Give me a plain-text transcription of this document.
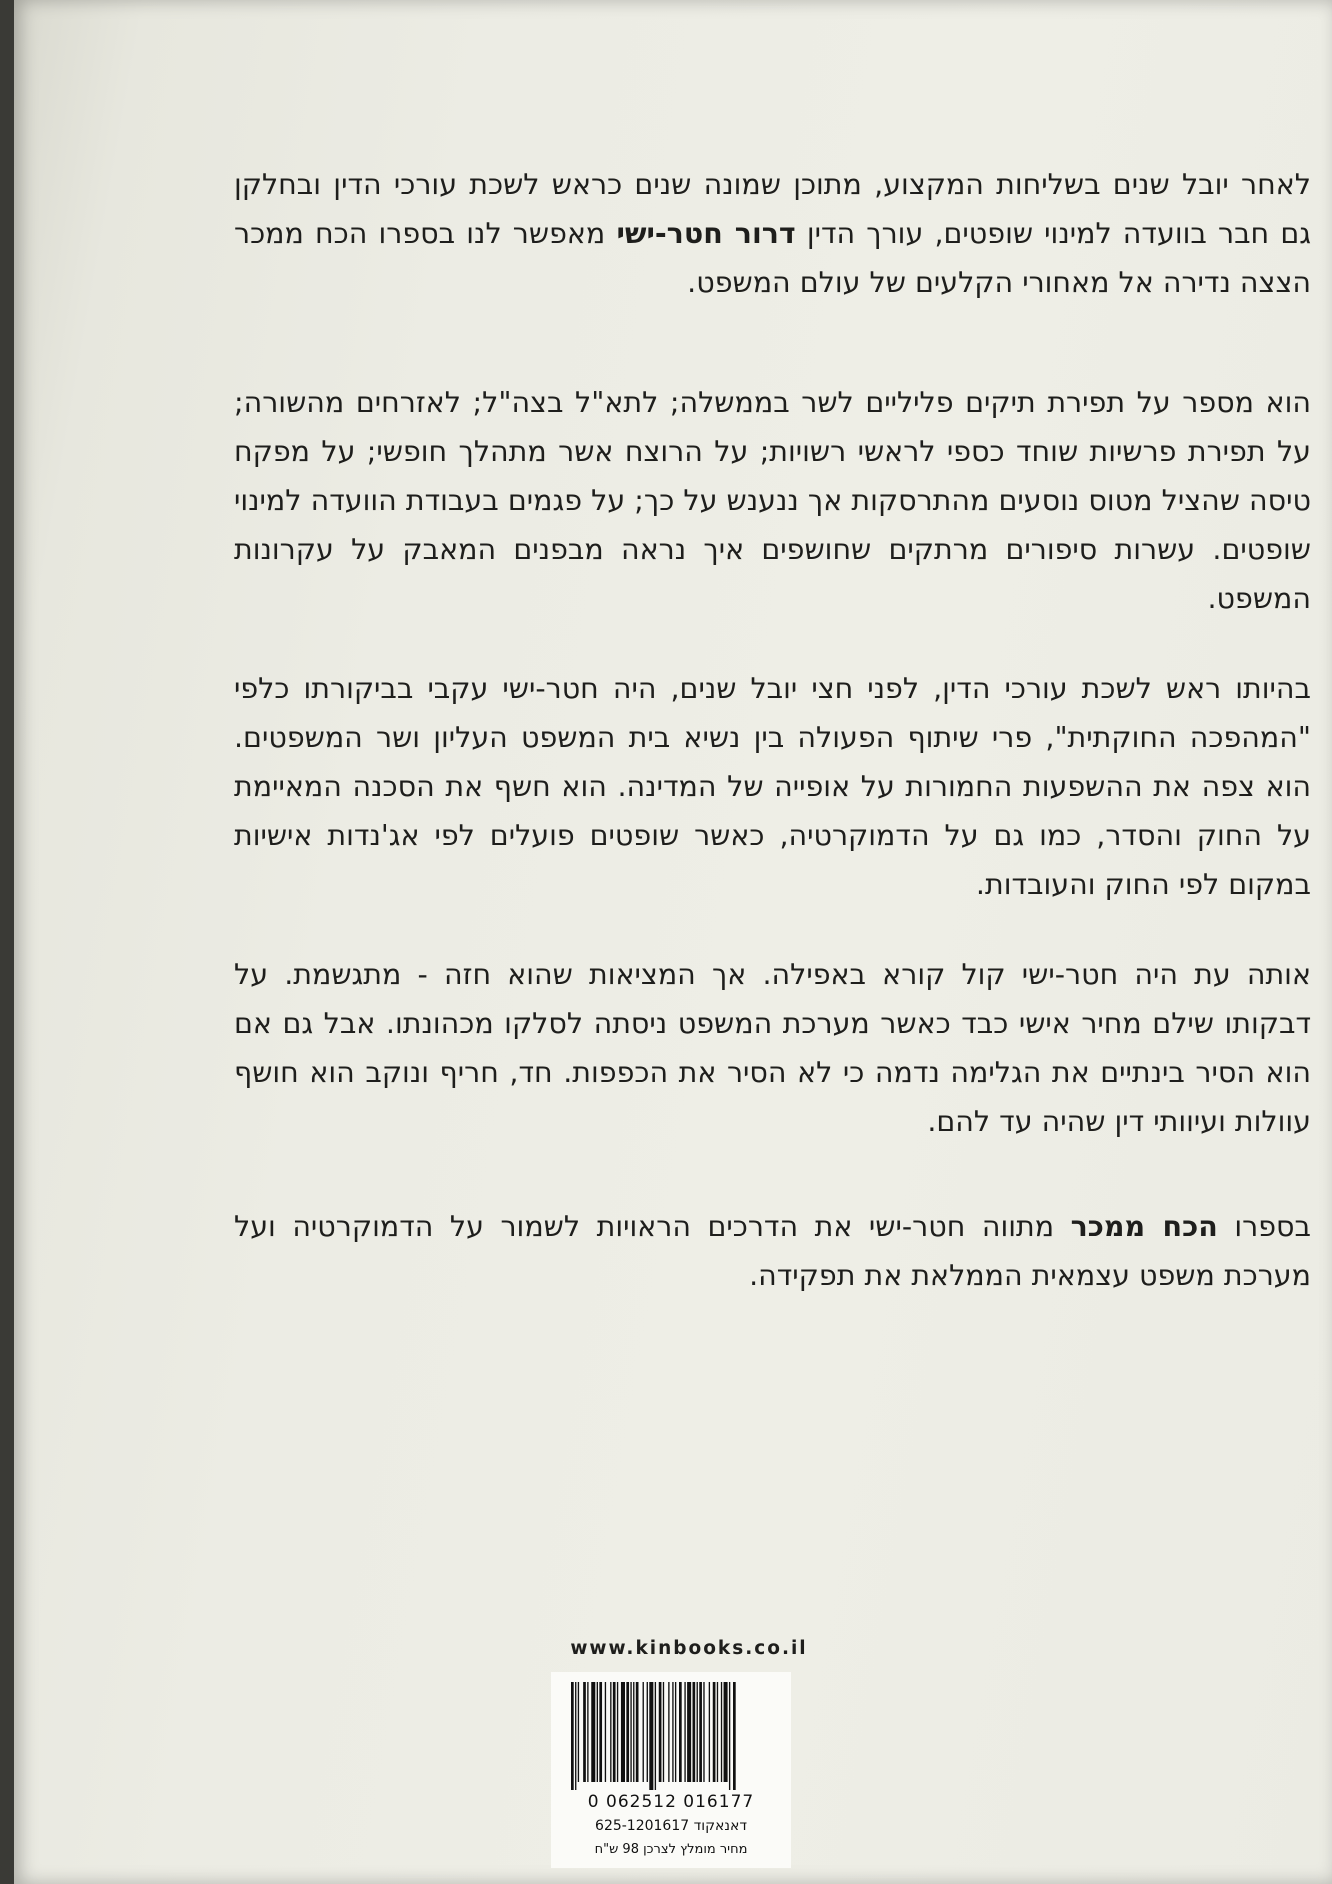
לאחר יובל שנים בשליחות המקצוע, מתוכן שמונה שנים כראש לשכת עורכי הדין ובחלקן גם חבר בוועדה למינוי שופטים, עורך הדין דרור חטר-ישי מאפשר לנו בספרו הכח ממכר הצצה נדירה אל מאחורי הקלעים של עולם המשפט.
הוא מספר על תפירת תיקים פליליים לשר בממשלה; לתא"ל בצה"ל; לאזרחים מהשורה; על תפירת פרשיות שוחד כספי לראשי רשויות; על הרוצח אשר מתהלך חופשי; על מפקח טיסה שהציל מטוס נוסעים מהתרסקות אך ננענש על כך; על פגמים בעבודת הוועדה למינוי שופטים. עשרות סיפורים מרתקים שחושפים איך נראה מבפנים המאבק על עקרונות המשפט.
בהיותו ראש לשכת עורכי הדין, לפני חצי יובל שנים, היה חטר-ישי עקבי בביקורתו כלפי "המהפכה החוקתית", פרי שיתוף הפעולה בין נשיא בית המשפט העליון ושר המשפטים. הוא צפה את ההשפעות החמורות על אופייה של המדינה. הוא חשף את הסכנה המאיימת על החוק והסדר, כמו גם על הדמוקרטיה, כאשר שופטים פועלים לפי אג'נדות אישיות במקום לפי החוק והעובדות.
אותה עת היה חטר-ישי קול קורא באפילה. אך המציאות שהוא חזה - מתגשמת. על דבקותו שילם מחיר אישי כבד כאשר מערכת המשפט ניסתה לסלקו מכהונתו. אבל גם אם הוא הסיר בינתיים את הגלימה נדמה כי לא הסיר את הכפפות. חד, חריף ונוקב הוא חושף עוולות ועיוותי דין שהיה עד להם.
בספרו הכח ממכר מתווה חטר-ישי את הדרכים הראויות לשמור על הדמוקרטיה ועל מערכת משפט עצמאית הממלאת את תפקידה.
www.kinbooks.co.il
0 062512 016177
דאנאקוד 625-1201617
מחיר מומלץ לצרכן 98 ש"ח
